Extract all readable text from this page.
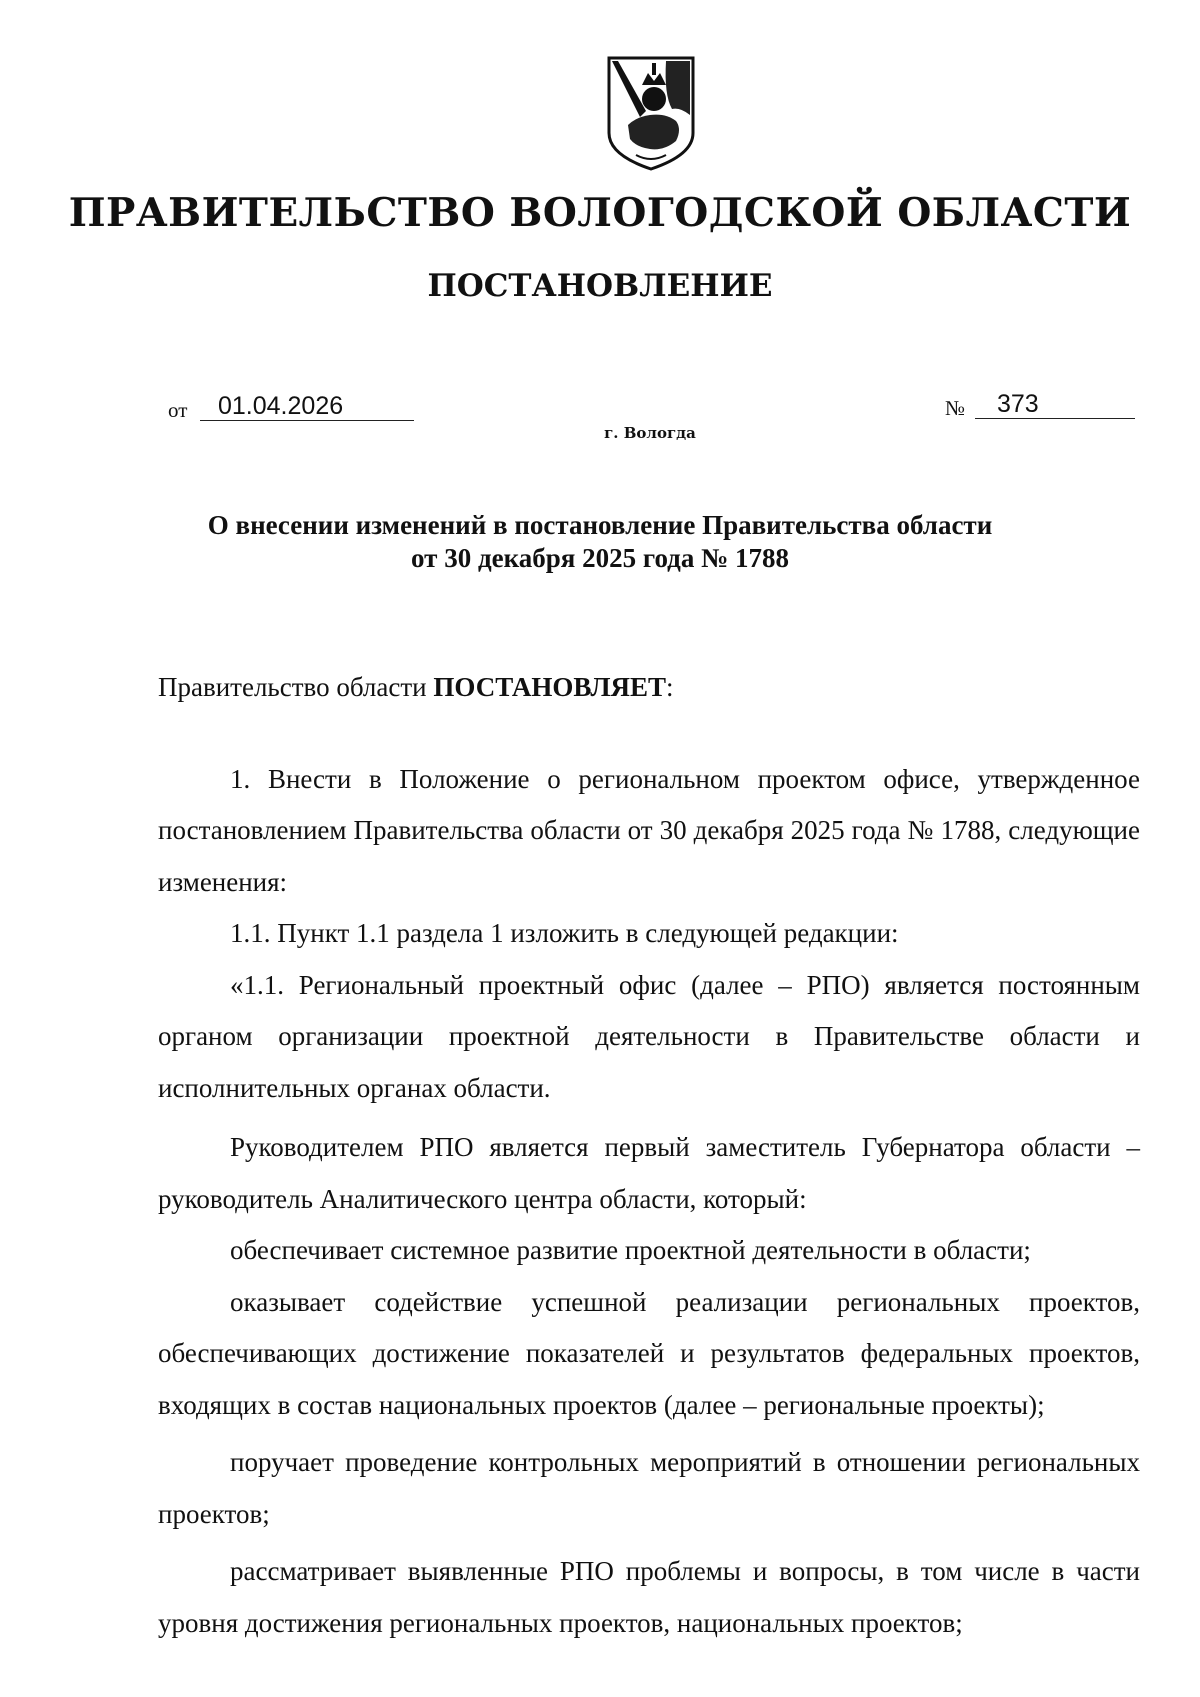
ПРАВИТЕЛЬСТВО ВОЛОГОДСКОЙ ОБЛАСТИ
ПОСТАНОВЛЕНИЕ
от	01.04.2026	№	373
г. Вологда
О внесении изменений в постановление Правительства области
от 30 декабря 2025 года № 1788

Правительство области ПОСТАНОВЛЯЕТ:

1. Внести в Положение о региональном проектом офисе, утвержденное постановлением Правительства области от 30 декабря 2025 года № 1788, следующие изменения:

1.1. Пункт 1.1 раздела 1 изложить в следующей редакции:

«1.1. Региональный проектный офис (далее – РПО) является постоянным органом организации проектной деятельности в Правительстве области и исполнительных органах области.

Руководителем РПО является первый заместитель Губернатора области – руководитель Аналитического центра области, который:

обеспечивает системное развитие проектной деятельности в области;

оказывает содействие успешной реализации региональных проектов, обеспечивающих достижение показателей и результатов федеральных проектов, входящих в состав национальных проектов (далее – региональные проекты);

поручает проведение контрольных мероприятий в отношении региональных проектов;

рассматривает выявленные РПО проблемы и вопросы, в том числе в части уровня достижения региональных проектов, национальных проектов;
